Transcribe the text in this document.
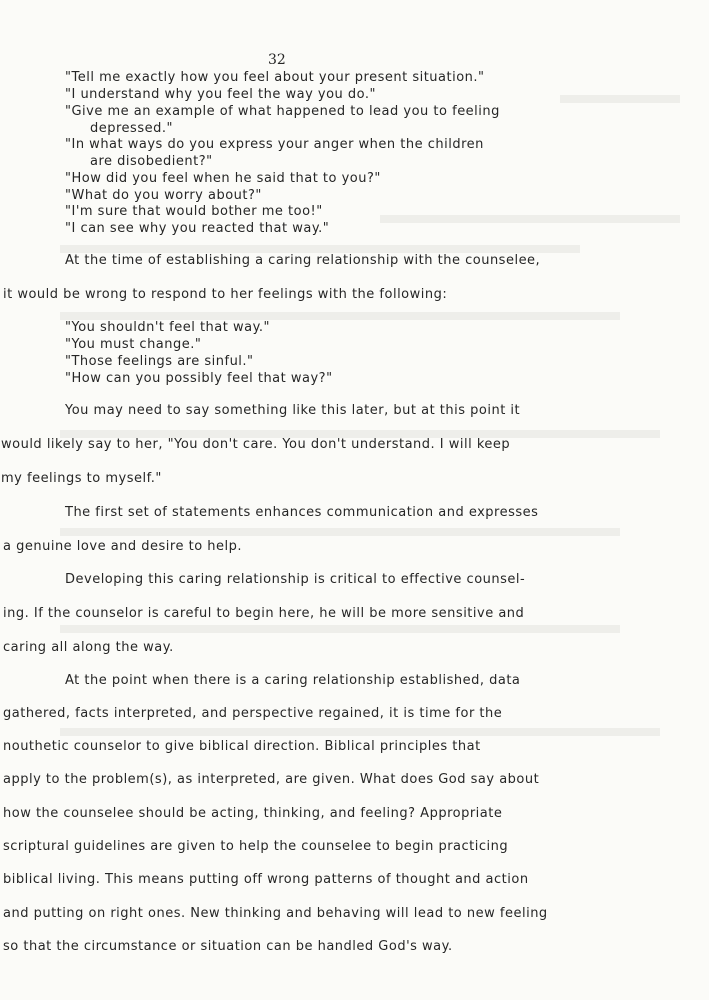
32
"Tell me exactly how you feel about your present situation."
"I understand why you feel the way you do."
"Give me an example of what happened to lead you to feeling
depressed."
"In what ways do you express your anger when the children
are disobedient?"
"How did you feel when he said that to you?"
"What do you worry about?"
"I'm sure that would bother me too!"
"I can see why you reacted that way."
At the time of establishing a caring relationship with the counselee,
it would be wrong to respond to her feelings with the following:
"You shouldn't feel that way."
"You must change."
"Those feelings are sinful."
"How can you possibly feel that way?"
You may need to say something like this later, but at this point it
would likely say to her, "You don't care. You don't understand. I will keep
my feelings to myself."
The first set of statements enhances communication and expresses
a genuine love and desire to help.
Developing this caring relationship is critical to effective counsel-
ing. If the counselor is careful to begin here, he will be more sensitive and
caring all along the way.
At the point when there is a caring relationship established, data
gathered, facts interpreted, and perspective regained, it is time for the
nouthetic counselor to give biblical direction. Biblical principles that
apply to the problem(s), as interpreted, are given. What does God say about
how the counselee should be acting, thinking, and feeling? Appropriate
scriptural guidelines are given to help the counselee to begin practicing
biblical living. This means putting off wrong patterns of thought and action
and putting on right ones. New thinking and behaving will lead to new feeling
so that the circumstance or situation can be handled God's way.
